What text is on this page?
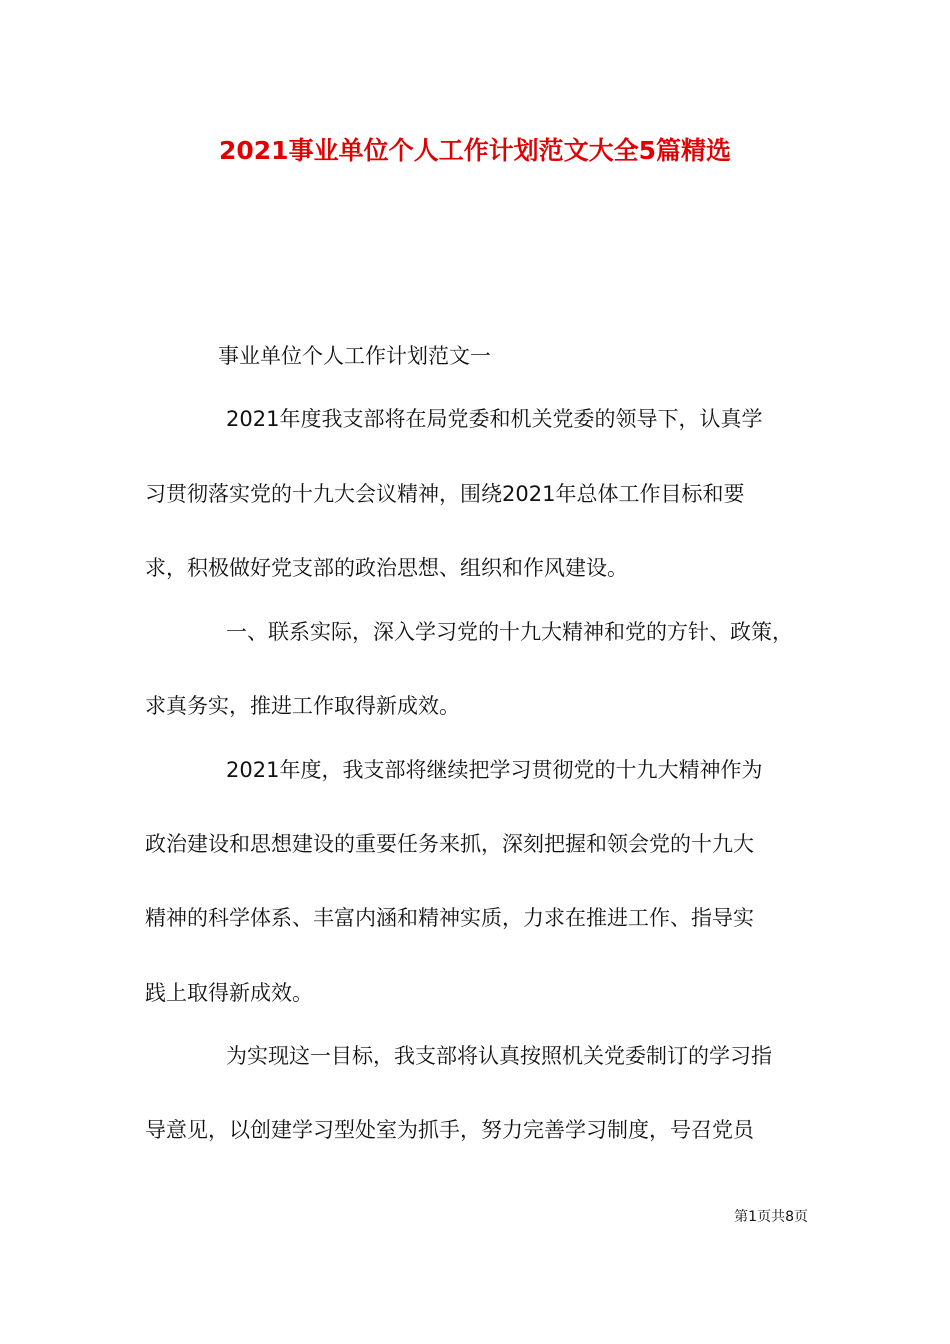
2021事业单位个人工作计划范文大全5篇精选

事业单位个人工作计划范文一

2021年度我支部将在局党委和机关党委的领导下，认真学

习贯彻落实党的十九大会议精神，围绕2021年总体工作目标和要

求，积极做好党支部的政治思想、组织和作风建设。

一、联系实际，深入学习党的十九大精神和党的方针、政策，

求真务实，推进工作取得新成效。

2021年度，我支部将继续把学习贯彻党的十九大精神作为

政治建设和思想建设的重要任务来抓，深刻把握和领会党的十九大

精神的科学体系、丰富内涵和精神实质，力求在推进工作、指导实

践上取得新成效。

为实现这一目标，我支部将认真按照机关党委制订的学习指

导意见，以创建学习型处室为抓手，努力完善学习制度，号召党员

第1页共8页
